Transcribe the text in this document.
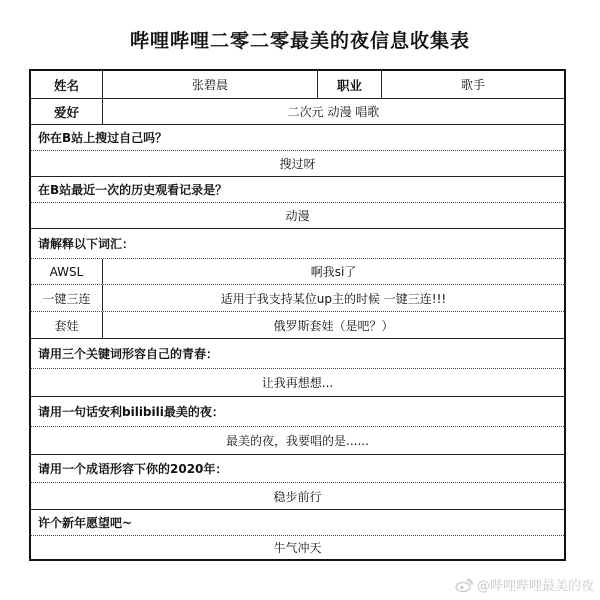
哔哩哔哩二零二零最美的夜信息收集表
姓名	张碧晨	职业	歌手
爱好	二次元 动漫 唱歌
你在B站上搜过自己吗？
搜过呀
在B站最近一次的历史观看记录是？
动漫
请解释以下词汇：
AWSL	啊我si了
一键三连	适用于我支持某位up主的时候 一键三连!!!
套娃	俄罗斯套娃（是吧？）
请用三个关键词形容自己的青春：
让我再想想...
请用一句话安利bilibili最美的夜：
最美的夜，我要唱的是......
请用一个成语形容下你的2020年：
稳步前行
许个新年愿望吧~
牛气冲天
@哔哩哔哩最美的夜
